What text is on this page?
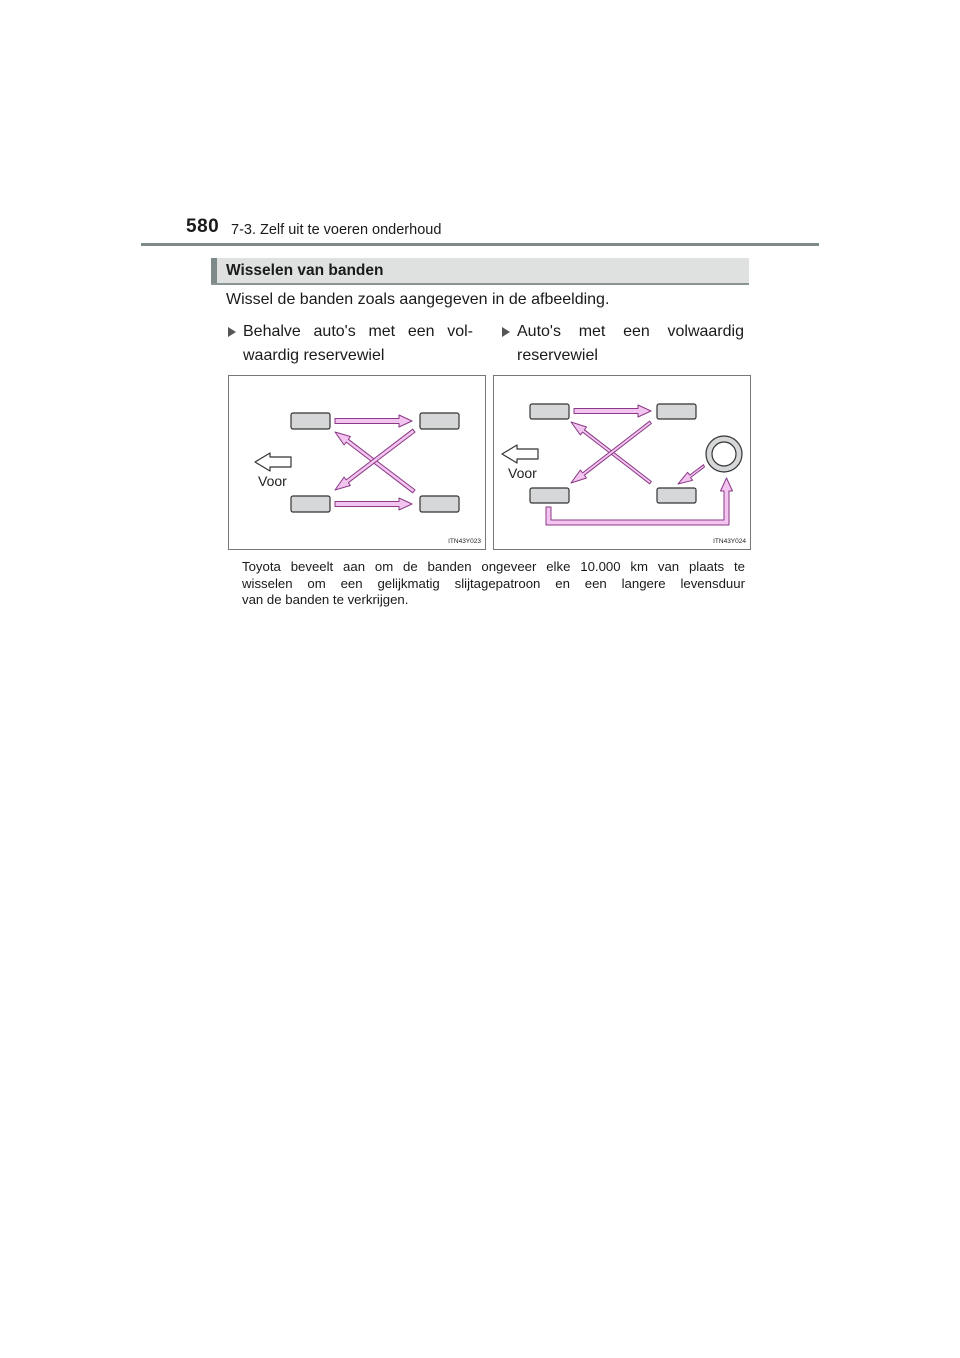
580 7-3. Zelf uit te voeren onderhoud
Wisselen van banden
Wissel de banden zoals aangegeven in de afbeelding.
Behalve auto's met een vol-
waardig reservewiel
Auto's met een volwaardig
reservewiel
Voor
ITN43Y023
Voor
ITN43Y024
Toyota beveelt aan om de banden ongeveer elke 10.000 km van plaats te
wisselen om een gelijkmatig slijtagepatroon en een langere levensduur
van de banden te verkrijgen.
